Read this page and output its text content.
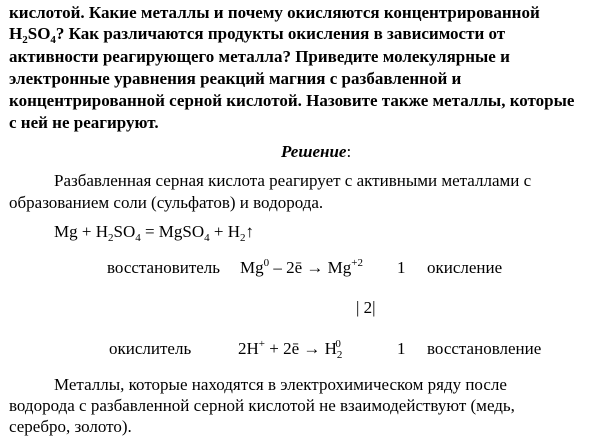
кислотой. Какие металлы и почему окисляются концентрированной
$H_2SO_4$? Как различаются продукты окисления в зависимости от
активности реагирующего металла? Приведите молекулярные и
электронные уравнения реакций магния с разбавленной и
концентрированной серной кислотой. Назовите также металлы, которые
с ней не реагируют.
Решение:
Разбавленная серная кислота реагирует с активными металлами с
образованием соли (сульфатов) и водорода.
$Mg + H_2SO_4$ = MgSO$_4$ + $H_2↑$
восстановитель Mg$^0$ – 2ē → $Mg^{+2}$ 1 окисление
| 2|
окислитель	2H+ + 2ē → $H_2^0$	1 восстановление
Металлы, которые находятся в электрохимическом ряду после
водорода с разбавленной серной кислотой не взаимодействуют (медь,
серебро, золото).
